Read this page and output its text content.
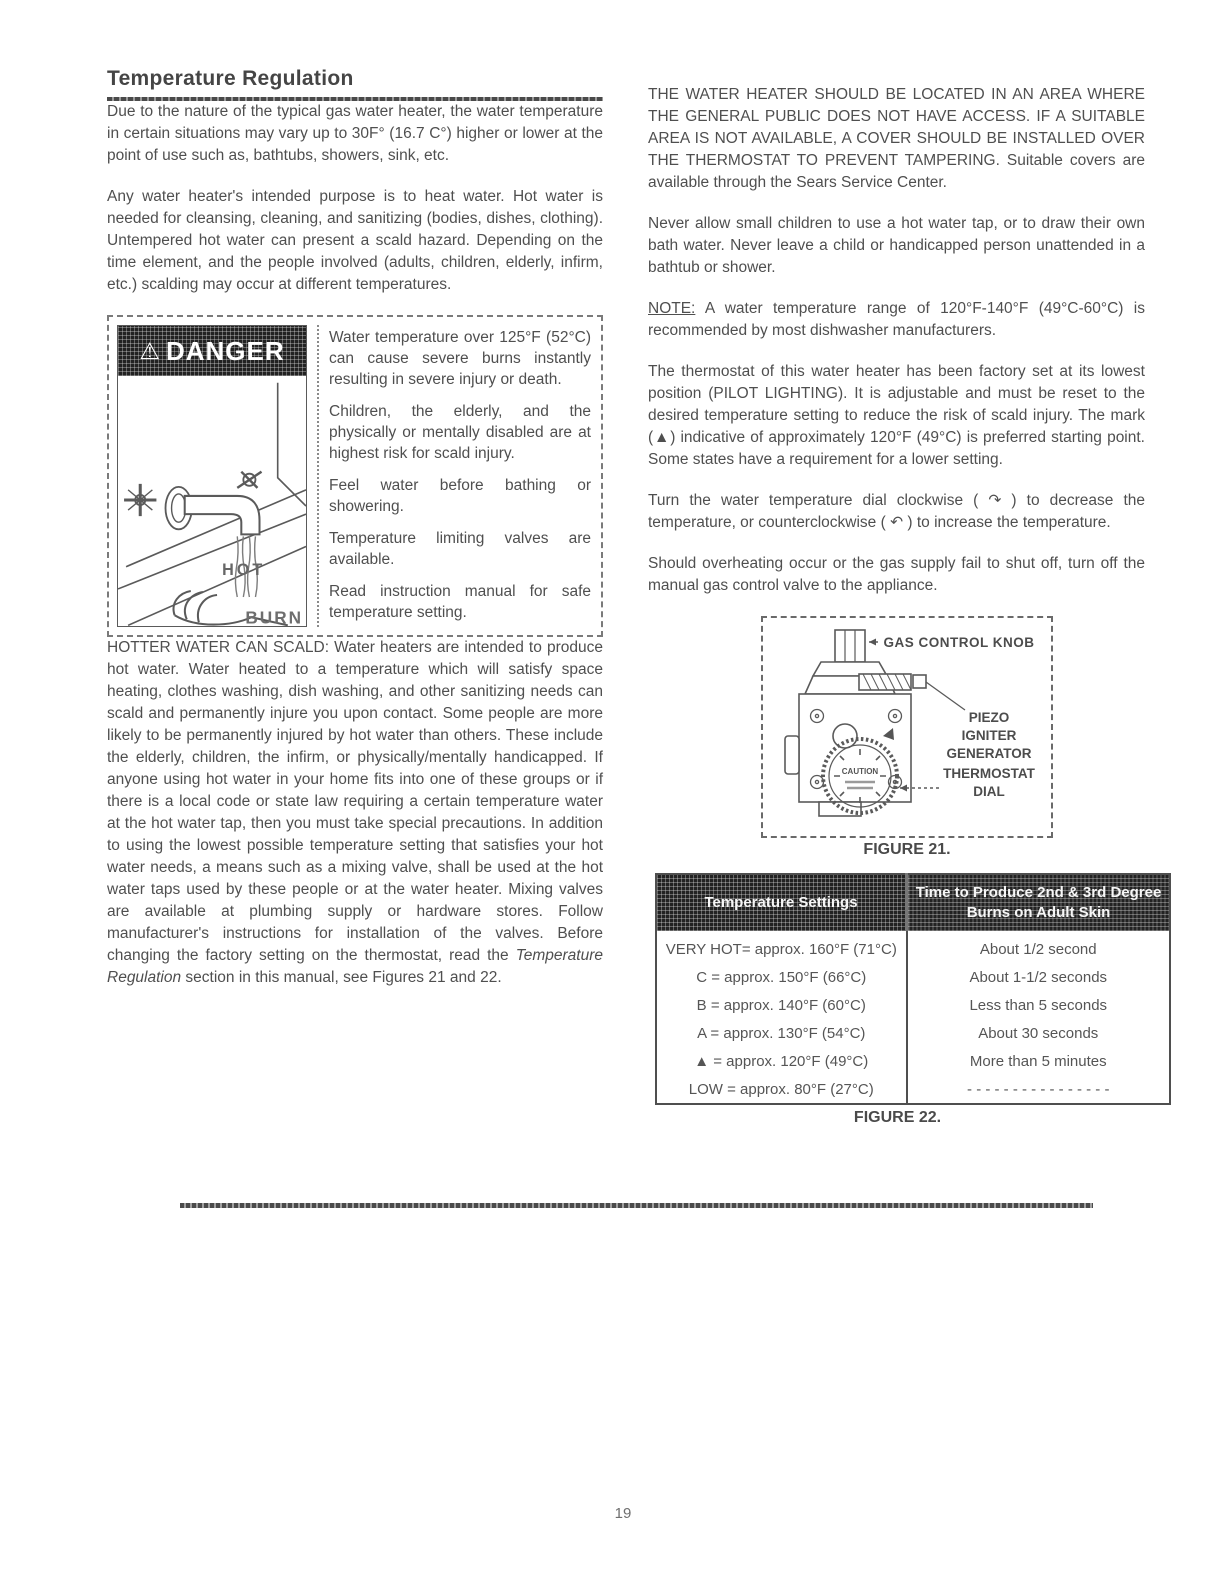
Temperature Regulation

Due to the nature of the typical gas water heater, the water temperature in certain situations may vary up to 30F° (16.7 C°) higher or lower at the point of use such as, bathtubs, showers, sink, etc.

Any water heater's intended purpose is to heat water. Hot water is needed for cleansing, cleaning, and sanitizing (bodies, dishes, clothing). Untempered hot water can present a scald hazard. Depending on the time element, and the people involved (adults, children, elderly, infirm, etc.) scalding may occur at different temperatures.

⚠ DANGER
HOT
BURN

Water temperature over 125°F (52°C) can cause severe burns instantly resulting in severe injury or death.

Children, the elderly, and the physically or mentally disabled are at highest risk for scald injury.

Feel water before bathing or showering.

Temperature limiting valves are available.

Read instruction manual for safe temperature setting.

HOTTER WATER CAN SCALD: Water heaters are intended to produce hot water. Water heated to a temperature which will satisfy space heating, clothes washing, dish washing, and other sanitizing needs can scald and permanently injure you upon contact. Some people are more likely to be permanently injured by hot water than others. These include the elderly, children, the infirm, or physically/mentally handicapped. If anyone using hot water in your home fits into one of these groups or if there is a local code or state law requiring a certain temperature water at the hot water tap, then you must take special precautions. In addition to using the lowest possible temperature setting that satisfies your hot water needs, a means such as a mixing valve, shall be used at the hot water taps used by these people or at the water heater. Mixing valves are available at plumbing supply or hardware stores. Follow manufacturer's instructions for installation of the valves. Before changing the factory setting on the thermostat, read the Temperature Regulation section in this manual, see Figures 21 and 22.

THE WATER HEATER SHOULD BE LOCATED IN AN AREA WHERE THE GENERAL PUBLIC DOES NOT HAVE ACCESS. IF A SUITABLE AREA IS NOT AVAILABLE, A COVER SHOULD BE INSTALLED OVER THE THERMOSTAT TO PREVENT TAMPERING. Suitable covers are available through the Sears Service Center.

Never allow small children to use a hot water tap, or to draw their own bath water. Never leave a child or handicapped person unattended in a bathtub or shower.

NOTE: A water temperature range of 120°F-140°F (49°C-60°C) is recommended by most dishwasher manufacturers.

The thermostat of this water heater has been factory set at its lowest position (PILOT LIGHTING). It is adjustable and must be reset to the desired temperature setting to reduce the risk of scald injury. The mark (▲) indicative of approximately 120°F (49°C) is preferred starting point. Some states have a requirement for a lower setting.

Turn the water temperature dial clockwise ( ↷ ) to decrease the temperature, or counterclockwise ( ↶ ) to increase the temperature.

Should overheating occur or the gas supply fail to shut off, turn off the manual gas control valve to the appliance.

GAS CONTROL KNOB
PIEZO
IGNITER
GENERATOR
THERMOSTAT
DIAL
CAUTION
FIGURE 21.
Temperature Settings	Time to Produce 2nd & 3rd Degree Burns on Adult Skin
VERY HOT= approx. 160°F (71°C)	About 1/2 second
C = approx. 150°F (66°C)	About 1-1/2 seconds
B = approx. 140°F (60°C)	Less than 5 seconds
A = approx. 130°F (54°C)	About 30 seconds
▲ = approx. 120°F (49°C)	More than 5 minutes
LOW = approx. 80°F (27°C)	- - - - - - - - - - - - - - - -
FIGURE 22.
19
